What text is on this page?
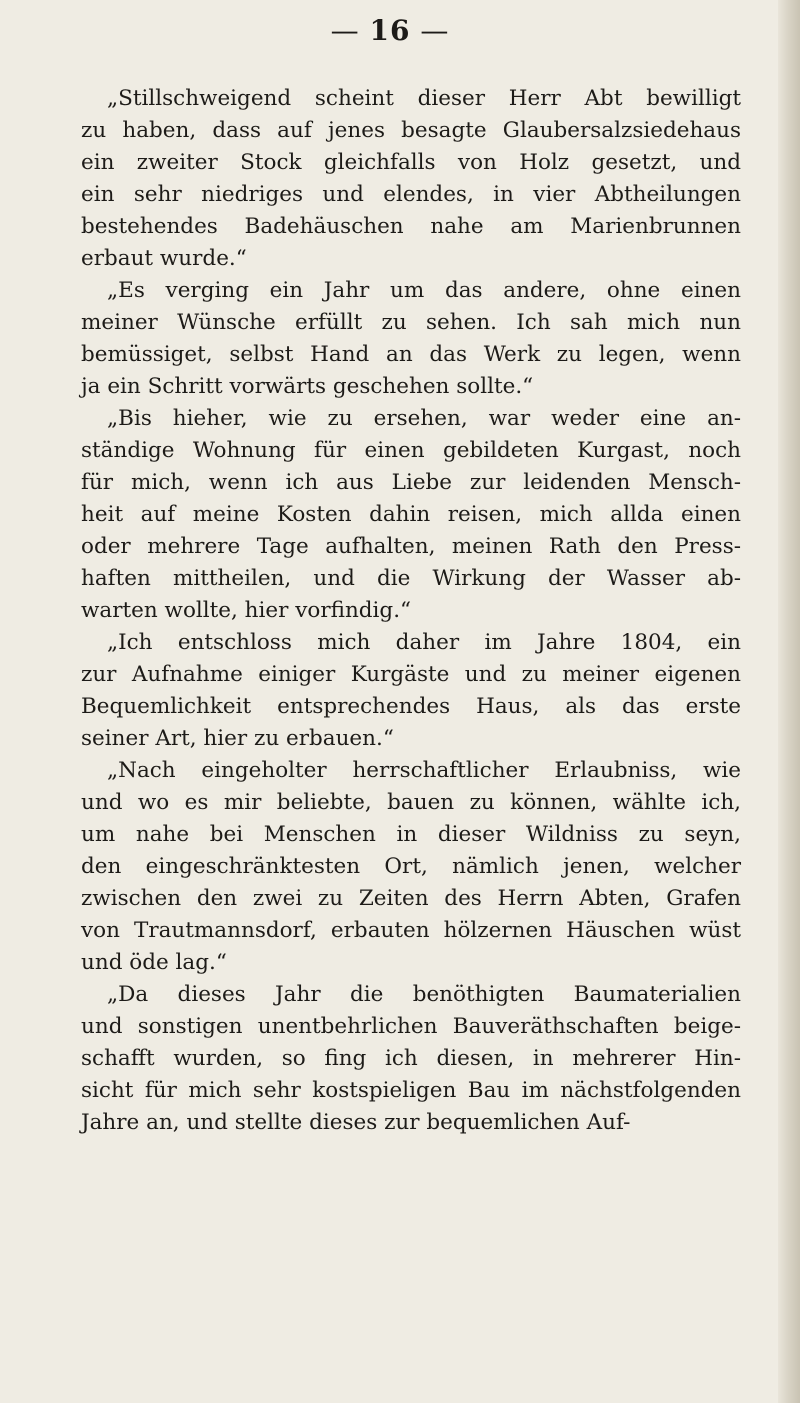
— 16 —
„Stillschweigend scheint dieser Herr Abt bewilligt
zu haben, dass auf jenes besagte Glaubersalzsiedehaus
ein zweiter Stock gleichfalls von Holz gesetzt, und
ein sehr niedriges und elendes, in vier Abtheilungen
bestehendes Badehäuschen nahe am Marienbrunnen
erbaut wurde.“
„Es verging ein Jahr um das andere, ohne einen
meiner Wünsche erfüllt zu sehen. Ich sah mich nun
bemüssiget, selbst Hand an das Werk zu legen, wenn
ja ein Schritt vorwärts geschehen sollte.“
„Bis hieher, wie zu ersehen, war weder eine an-
ständige Wohnung für einen gebildeten Kurgast, noch
für mich, wenn ich aus Liebe zur leidenden Mensch-
heit auf meine Kosten dahin reisen, mich allda einen
oder mehrere Tage aufhalten, meinen Rath den Press-
haften mittheilen, und die Wirkung der Wasser ab-
warten wollte, hier vorfindig.“
„Ich entschloss mich daher im Jahre 1804, ein
zur Aufnahme einiger Kurgäste und zu meiner eigenen
Bequemlichkeit entsprechendes Haus, als das erste
seiner Art, hier zu erbauen.“
„Nach eingeholter herrschaftlicher Erlaubniss, wie
und wo es mir beliebte, bauen zu können, wählte ich,
um nahe bei Menschen in dieser Wildniss zu seyn,
den eingeschränktesten Ort, nämlich jenen, welcher
zwischen den zwei zu Zeiten des Herrn Abten, Grafen
von Trautmannsdorf, erbauten hölzernen Häuschen wüst
und öde lag.“
„Da dieses Jahr die benöthigten Baumaterialien
und sonstigen unentbehrlichen Bauveräthschaften beige-
schafft wurden, so fing ich diesen, in mehrerer Hin-
sicht für mich sehr kostspieligen Bau im nächstfolgenden
Jahre an, und stellte dieses zur bequemlichen Auf-
